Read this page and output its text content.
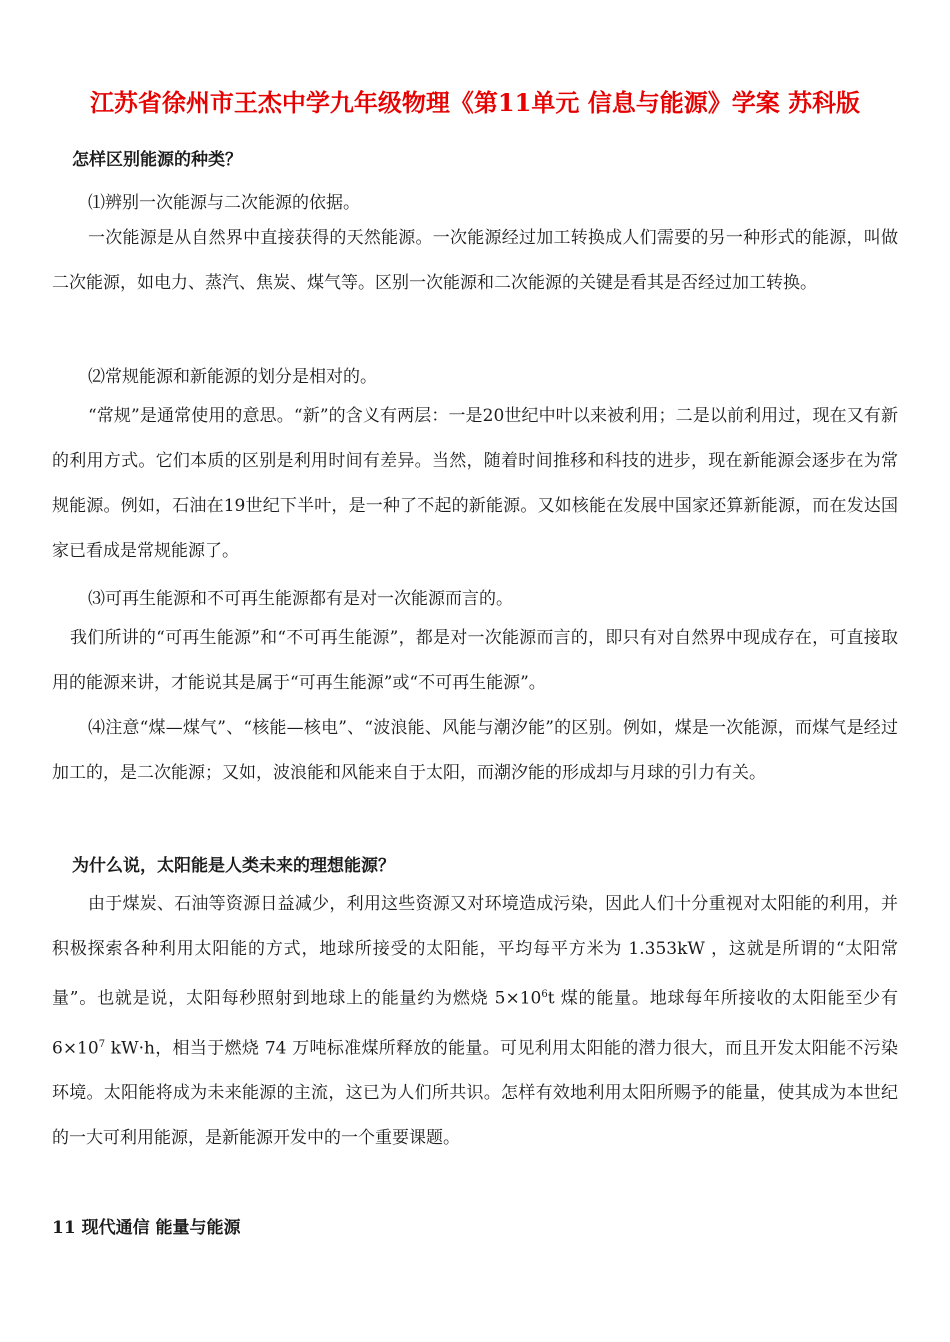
江苏省徐州市王杰中学九年级物理《第11单元 信息与能源》学案 苏科版
怎样区别能源的种类？

⑴辨别一次能源与二次能源的依据。

一次能源是从自然界中直接获得的天然能源。一次能源经过加工转换成人们需要的另一种形式的能源，叫做二次能源，如电力、蒸汽、焦炭、煤气等。区别一次能源和二次能源的关键是看其是否经过加工转换。

⑵常规能源和新能源的划分是相对的。

“常规”是通常使用的意思。“新”的含义有两层：一是20世纪中叶以来被利用；二是以前利用过，现在又有新的利用方式。它们本质的区别是利用时间有差异。当然，随着时间推移和科技的进步，现在新能源会逐步在为常规能源。例如，石油在19世纪下半叶，是一种了不起的新能源。又如核能在发展中国家还算新能源，而在发达国家已看成是常规能源了。

⑶可再生能源和不可再生能源都有是对一次能源而言的。

我们所讲的“可再生能源”和“不可再生能源”，都是对一次能源而言的，即只有对自然界中现成存在，可直接取用的能源来讲，才能说其是属于“可再生能源”或“不可再生能源”。

⑷注意“煤—煤气”、“核能—核电”、“波浪能、风能与潮汐能”的区别。例如，煤是一次能源，而煤气是经过加工的，是二次能源；又如，波浪能和风能来自于太阳，而潮汐能的形成却与月球的引力有关。

为什么说，太阳能是人类未来的理想能源？

由于煤炭、石油等资源日益减少，利用这些资源又对环境造成污染，因此人们十分重视对太阳能的利用，并积极探索各种利用太阳能的方式，地球所接受的太阳能，平均每平方米为 1.353kW ，这就是所谓的“太阳常量”。也就是说，太阳每秒照射到地球上的能量约为燃烧 $5\times 10^6t$ 煤的能量。地球每年所接收的太阳能至少有 $6\times 10^7$ kW·h，相当于燃烧 74 万吨标准煤所释放的能量。可见利用太阳能的潜力很大，而且开发太阳能不污染环境。太阳能将成为未来能源的主流，这已为人们所共识。怎样有效地利用太阳所赐予的能量，使其成为本世纪的一大可利用能源，是新能源开发中的一个重要课题。

11 现代通信 能量与能源
